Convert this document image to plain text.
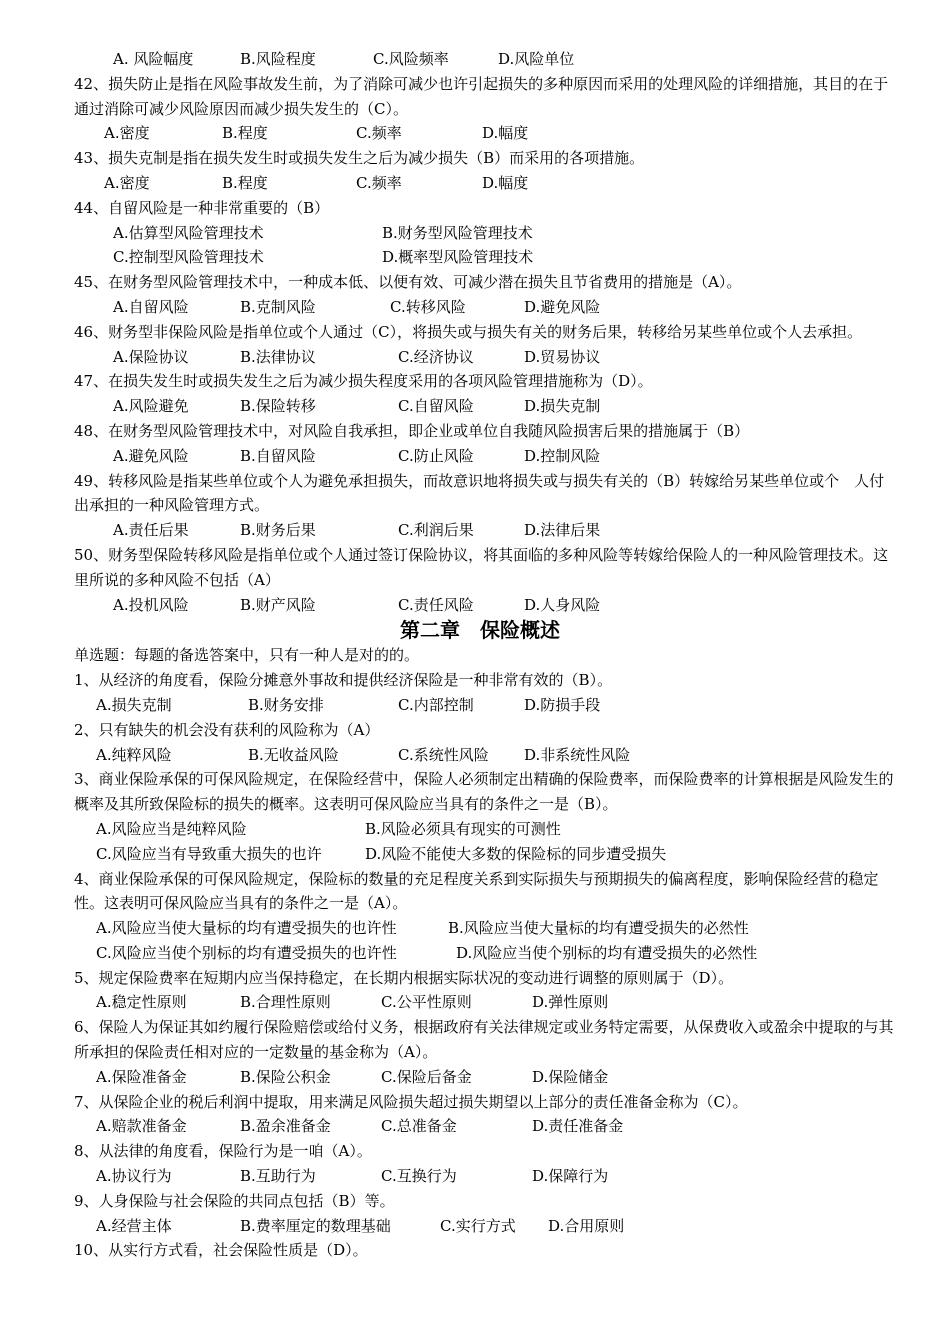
A. 风险幅度	B.风险程度	C.风险频率	D.风险单位
42、损失防止是指在风险事故发生前，为了消除可减少也许引起损失的多种原因而采用的处理风险的详细措施，其目的在于通过消除可减少风险原因而减少损失发生的（C）。
A.密度	B.程度	C.频率	D.幅度
43、损失克制是指在损失发生时或损失发生之后为减少损失（B）而采用的各项措施。
A.密度	B.程度	C.频率	D.幅度
44、自留风险是一种非常重要的（B）
A.估算型风险管理技术	B.财务型风险管理技术
C.控制型风险管理技术	D.概率型风险管理技术
45、在财务型风险管理技术中，一种成本低、以便有效、可减少潜在损失且节省费用的措施是（A）。
A.自留风险	B.克制风险	C.转移风险	D.避免风险
46、财务型非保险风险是指单位或个人通过（C），将损失或与损失有关的财务后果，转移给另某些单位或个人去承担。
A.保险协议	B.法律协议	C.经济协议	D.贸易协议
47、在损失发生时或损失发生之后为减少损失程度采用的各项风险管理措施称为（D）。
A.风险避免	B.保险转移	C.自留风险	D.损失克制
48、在财务型风险管理技术中，对风险自我承担，即企业或单位自我随风险损害后果的措施属于（B）
A.避免风险	B.自留风险	C.防止风险	D.控制风险
49、转移风险是指某些单位或个人为避免承担损失，而故意识地将损失或与损失有关的（B）转嫁给另某些单位或个　人付出承担的一种风险管理方式。
A.责任后果	B.财务后果	C.利润后果	D.法律后果
50、财务型保险转移风险是指单位或个人通过签订保险协议，将其面临的多种风险等转嫁给保险人的一种风险管理技术。这里所说的多种风险不包括（A）
A.投机风险	B.财产风险	C.责任风险	D.人身风险
第二章　保险概述
单选题：每题的备选答案中，只有一种人是对的的。
1、从经济的角度看，保险分摊意外事故和提供经济保险是一种非常有效的（B）。
A.损失克制	B.财务安排	C.内部控制	D.防损手段
2、只有缺失的机会没有获利的风险称为（A）
A.纯粹风险	B.无收益风险	C.系统性风险 D.非系统性风险
3、商业保险承保的可保风险规定，在保险经营中，保险人必须制定出精确的保险费率，而保险费率的计算根据是风险发生的概率及其所致保险标的损失的概率。这表明可保风险应当具有的条件之一是（B）。
A.风险应当是纯粹风险	B.风险必须具有现实的可测性
C.风险应当有导致重大损失的也许	D.风险不能使大多数的保险标的同步遭受损失
4、商业保险承保的可保风险规定，保险标的数量的充足程度关系到实际损失与预期损失的偏离程度，影响保险经营的稳定性。这表明可保风险应当具有的条件之一是（A）。
A.风险应当使大量标的均有遭受损失的也许性	B.风险应当使大量标的均有遭受损失的必然性
C.风险应当使个别标的均有遭受损失的也许性	D.风险应当使个别标的均有遭受损失的必然性
5、规定保险费率在短期内应当保持稳定，在长期内根据实际状况的变动进行调整的原则属于（D）。
A.稳定性原则	B.合理性原则	C.公平性原则	D.弹性原则
6、保险人为保证其如约履行保险赔偿或给付义务，根据政府有关法律规定或业务特定需要，从保费收入或盈余中提取的与其所承担的保险责任相对应的一定数量的基金称为（A）。
A.保险准备金	B.保险公积金	C.保险后备金	D.保险储金
7、从保险企业的税后利润中提取，用来满足风险损失超过损失期望以上部分的责任准备金称为（C）。
A.赔款准备金	B.盈余准备金	C.总准备金	D.责任准备金
8、从法律的角度看，保险行为是一咱（A）。
A.协议行为	B.互助行为	C.互换行为	D.保障行为
9、人身保险与社会保险的共同点包括（B）等。
A.经营主体	B.费率厘定的数理基础	C.实行方式 D.合用原则
10、从实行方式看，社会保险性质是（D）。
